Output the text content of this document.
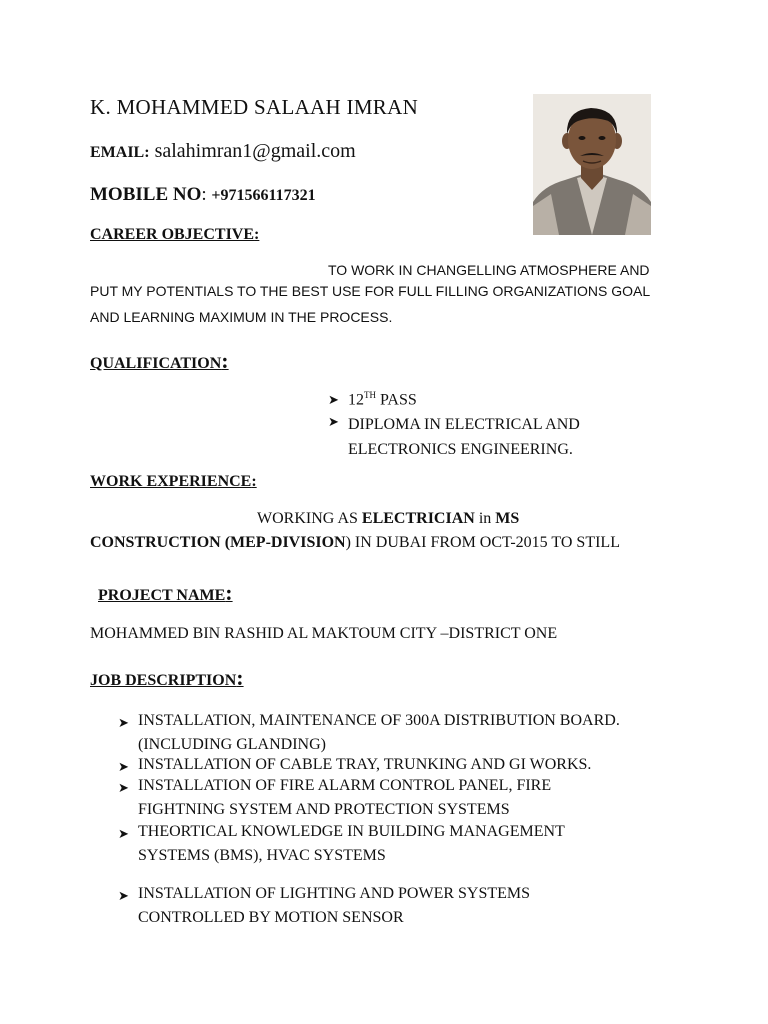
K. MOHAMMED SALAAH IMRAN
EMAIL: salahimran1@gmail.com
MOBILE NO: +971566117321
CAREER OBJECTIVE:
TO WORK IN CHANGELLING ATMOSPHERE AND
PUT MY POTENTIALS TO THE BEST USE FOR FULL FILLING ORGANIZATIONS GOAL
AND LEARNING MAXIMUM IN THE PROCESS.
QUALIFICATION:
➤ 12TH PASS
➤ DIPLOMA IN ELECTRICAL AND
ELECTRONICS ENGINEERING.
WORK EXPERIENCE:
WORKING AS ELECTRICIAN in MS
CONSTRUCTION (MEP-DIVISION) IN DUBAI FROM OCT-2015 TO STILL
PROJECT NAME:
MOHAMMED BIN RASHID AL MAKTOUM CITY –DISTRICT ONE
JOB DESCRIPTION:
➤ INSTALLATION, MAINTENANCE OF 300A DISTRIBUTION BOARD.
(INCLUDING GLANDING)
➤ INSTALLATION OF CABLE TRAY, TRUNKING AND GI WORKS.
➤ INSTALLATION OF FIRE ALARM CONTROL PANEL, FIRE
FIGHTNING SYSTEM AND PROTECTION SYSTEMS
➤ THEORTICAL KNOWLEDGE IN BUILDING MANAGEMENT
SYSTEMS (BMS), HVAC SYSTEMS
➤ INSTALLATION OF LIGHTING AND POWER SYSTEMS
CONTROLLED BY MOTION SENSOR
